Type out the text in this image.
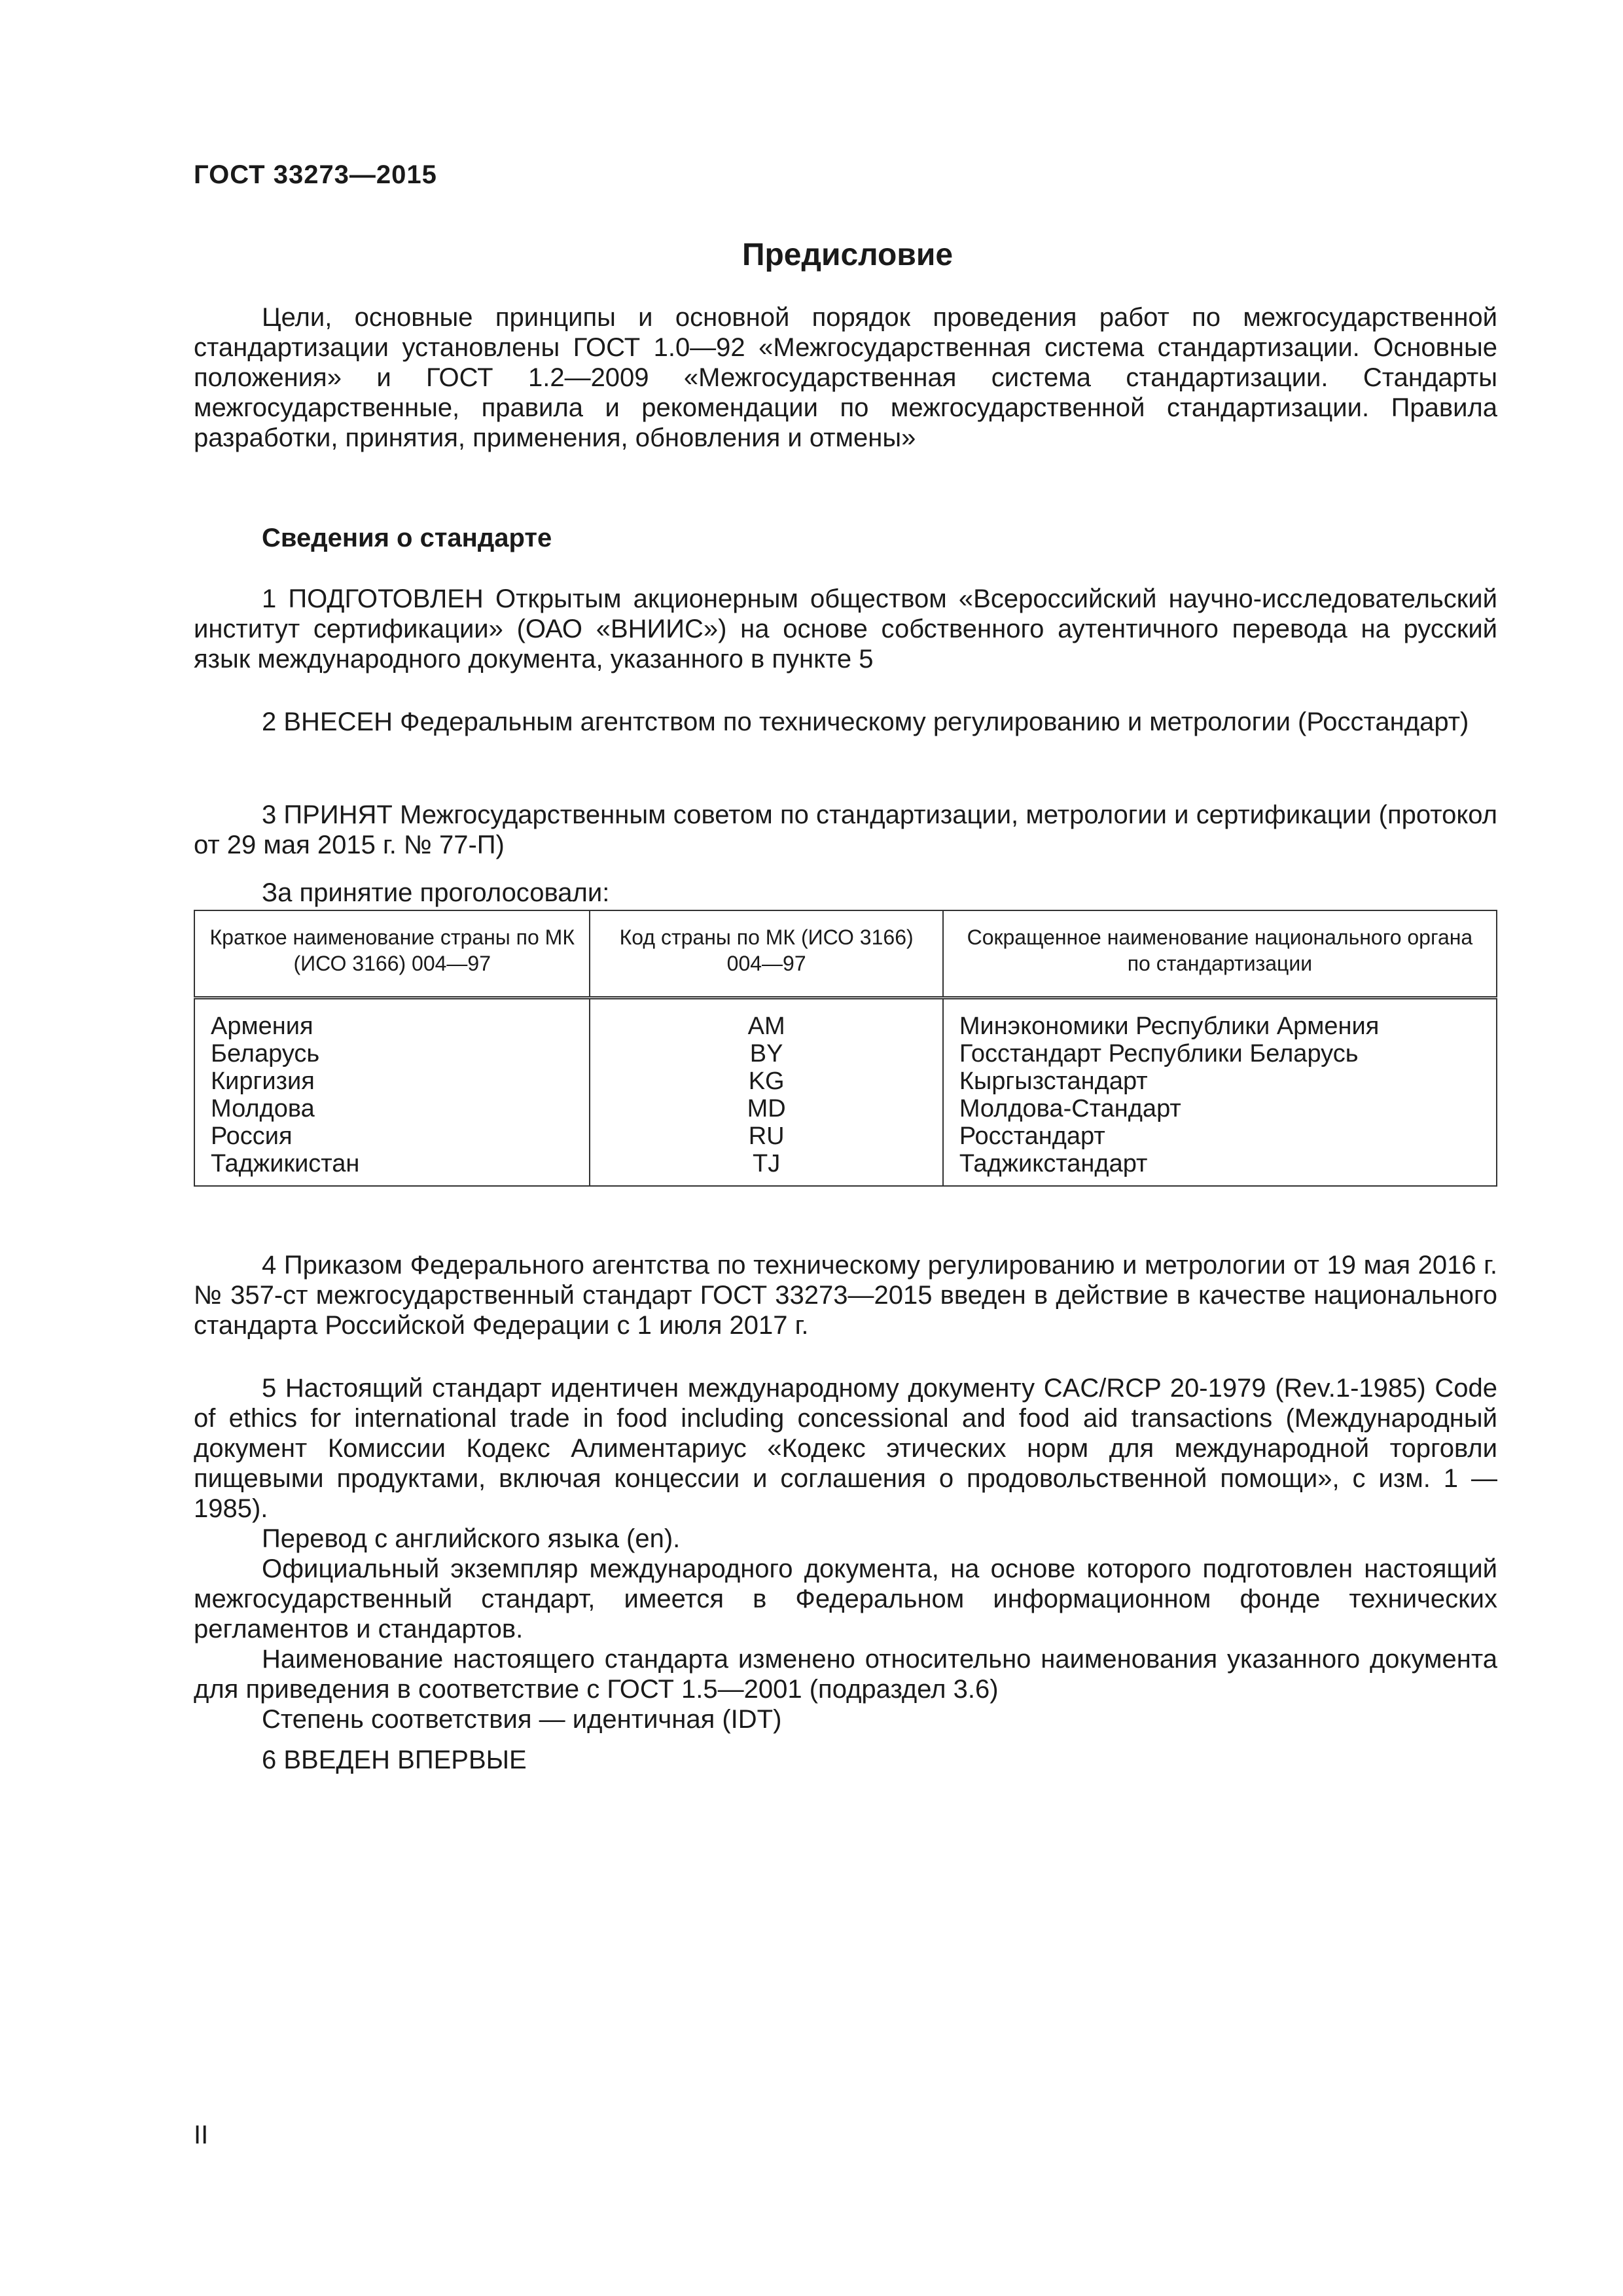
ГОСТ 33273—2015
Предисловие
Цели, основные принципы и основной порядок проведения работ по межгосударственной стандартизации установлены ГОСТ 1.0—92 «Межгосударственная система стандартизации. Основные положения» и ГОСТ 1.2—2009 «Межгосударственная система стандартизации. Стандарты межгосударственные, правила и рекомендации по межгосударственной стандартизации. Правила разработки, принятия, применения, обновления и отмены»
Сведения о стандарте
1 ПОДГОТОВЛЕН Открытым акционерным обществом «Всероссийский научно-исследовательский институт сертификации» (ОАО «ВНИИС») на основе собственного аутентичного перевода на русский язык международного документа, указанного в пункте 5
2 ВНЕСЕН Федеральным агентством по техническому регулированию и метрологии (Росстандарт)
3 ПРИНЯТ Межгосударственным советом по стандартизации, метрологии и сертификации (протокол от 29 мая 2015 г. № 77-П)
За принятие проголосовали:
Краткое наименование страны по МК (ИСО 3166) 004—97	Код страны по МК (ИСО 3166) 004—97	Сокращенное наименование национального органа по стандартизации
Армения	AM	Минэкономики Республики Армения
Беларусь	BY	Госстандарт Республики Беларусь
Киргизия	KG	Кыргызстандарт
Молдова	MD	Молдова-Стандарт
Россия	RU	Росстандарт
Таджикистан	TJ	Таджикстандарт
4 Приказом Федерального агентства по техническому регулированию и метрологии от 19 мая 2016 г. № 357-ст межгосударственный стандарт ГОСТ 33273—2015 введен в действие в качестве национального стандарта Российской Федерации с 1 июля 2017 г.

5 Настоящий стандарт идентичен международному документу CAC/RCP 20-1979 (Rev.1-1985) Code of ethics for international trade in food including concessional and food aid transactions (Международный документ Комиссии Кодекс Алиментариус «Кодекс этических норм для международной торговли пищевыми продуктами, включая концессии и соглашения о продовольственной помощи», с изм. 1 — 1985).

Перевод с английского языка (en).

Официальный экземпляр международного документа, на основе которого подготовлен настоящий межгосударственный стандарт, имеется в Федеральном информационном фонде технических регламентов и стандартов.

Наименование настоящего стандарта изменено относительно наименования указанного документа для приведения в соответствие с ГОСТ 1.5—2001 (подраздел 3.6)

Степень соответствия — идентичная (IDT)

6 ВВЕДЕН ВПЕРВЫЕ
II
